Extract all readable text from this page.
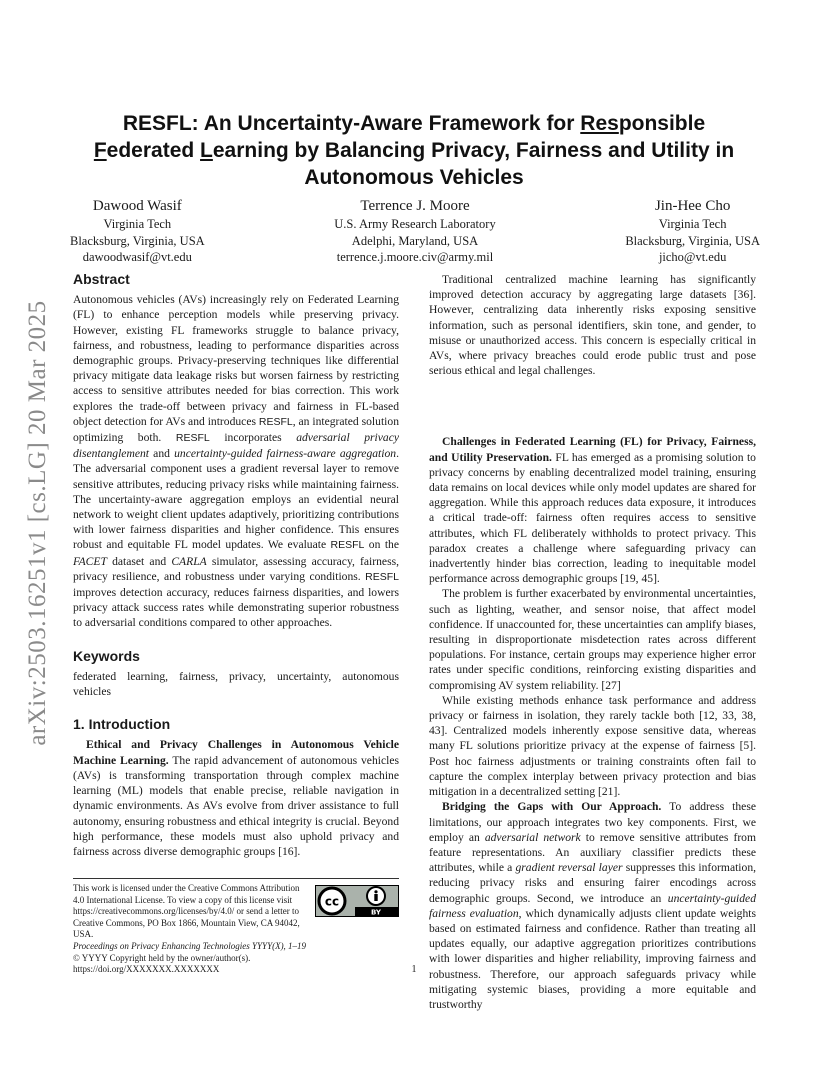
arXiv:2503.16251v1 [cs.LG] 20 Mar 2025
RESFL: An Uncertainty-Aware Framework for Responsible
Federated Learning by Balancing Privacy, Fairness and Utility in
Autonomous Vehicles
Dawood Wasif
Virginia Tech
Blacksburg, Virginia, USA
dawoodwasif@vt.edu
Terrence J. Moore
U.S. Army Research Laboratory
Adelphi, Maryland, USA
terrence.j.moore.civ@army.mil
Jin-Hee Cho
Virginia Tech
Blacksburg, Virginia, USA
jicho@vt.edu
Abstract

Autonomous vehicles (AVs) increasingly rely on Federated Learning (FL) to enhance perception models while preserving privacy. However, existing FL frameworks struggle to balance privacy, fairness, and robustness, leading to performance disparities across demographic groups. Privacy-preserving techniques like differential privacy mitigate data leakage risks but worsen fairness by restricting access to sensitive attributes needed for bias correction. This work explores the trade-off between privacy and fairness in FL-based object detection for AVs and introduces RESFL, an integrated solution optimizing both. RESFL incorporates adversarial privacy disentanglement and uncertainty-guided fairness-aware aggregation. The adversarial component uses a gradient reversal layer to remove sensitive attributes, reducing privacy risks while maintaining fairness. The uncertainty-aware aggregation employs an evidential neural network to weight client updates adaptively, prioritizing contributions with lower fairness disparities and higher confidence. This ensures robust and equitable FL model updates. We evaluate RESFL on the FACET dataset and CARLA simulator, assessing accuracy, fairness, privacy resilience, and robustness under varying conditions. RESFL improves detection accuracy, reduces fairness disparities, and lowers privacy attack success rates while demonstrating superior robustness to adversarial conditions compared to other approaches.

Keywords

federated learning, fairness, privacy, uncertainty, autonomous vehicles

1. Introduction

Ethical and Privacy Challenges in Autonomous Vehicle Machine Learning. The rapid advancement of autonomous vehicles (AVs) is transforming transportation through complex machine learning (ML) models that enable precise, reliable navigation in dynamic environments. As AVs evolve from driver assistance to full autonomy, ensuring robustness and ethical integrity is crucial. Beyond high performance, these models must also uphold privacy and fairness across diverse demographic groups [16].

This work is licensed under the Creative Commons Attribution 4.0 International License. To view a copy of this license visit https://creativecommons.org/licenses/by/4.0/ or send a letter to Creative Commons, PO Box 1866, Mountain View, CA 94042, USA.

cc
BY

Proceedings on Privacy Enhancing Technologies YYYY(X), 1–19

© YYYY Copyright held by the owner/author(s).

https://doi.org/XXXXXXX.XXXXXXX

Traditional centralized machine learning has significantly improved detection accuracy by aggregating large datasets [36]. However, centralizing data inherently risks exposing sensitive information, such as personal identifiers, skin tone, and gender, to misuse or unauthorized access. This concern is especially critical in AVs, where privacy breaches could erode public trust and pose serious ethical and legal challenges.

Challenges in Federated Learning (FL) for Privacy, Fairness, and Utility Preservation. FL has emerged as a promising solution to privacy concerns by enabling decentralized model training, ensuring data remains on local devices while only model updates are shared for aggregation. While this approach reduces data exposure, it introduces a critical trade-off: fairness often requires access to sensitive attributes, which FL deliberately withholds to protect privacy. This paradox creates a challenge where safeguarding privacy can inadvertently hinder bias correction, leading to inequitable model performance across demographic groups [19, 45].

The problem is further exacerbated by environmental uncertainties, such as lighting, weather, and sensor noise, that affect model confidence. If unaccounted for, these uncertainties can amplify biases, resulting in disproportionate misdetection rates across different populations. For instance, certain groups may experience higher error rates under specific conditions, reinforcing existing disparities and compromising AV system reliability. [27]

While existing methods enhance task performance and address privacy or fairness in isolation, they rarely tackle both [12, 33, 38, 43]. Centralized models inherently expose sensitive data, whereas many FL solutions prioritize privacy at the expense of fairness [5]. Post hoc fairness adjustments or training constraints often fail to capture the complex interplay between privacy protection and bias mitigation in a decentralized setting [21].

Bridging the Gaps with Our Approach. To address these limitations, our approach integrates two key components. First, we employ an adversarial network to remove sensitive attributes from feature representations. An auxiliary classifier predicts these attributes, while a gradient reversal layer suppresses this information, reducing privacy risks and ensuring fairer encodings across demographic groups. Second, we introduce an uncertainty-guided fairness evaluation, which dynamically adjusts client update weights based on estimated fairness and confidence. Rather than treating all updates equally, our adaptive aggregation prioritizes contributions with lower disparities and higher reliability, improving fairness and robustness. Therefore, our approach safeguards privacy while mitigating systemic biases, providing a more equitable and trustworthy

1
